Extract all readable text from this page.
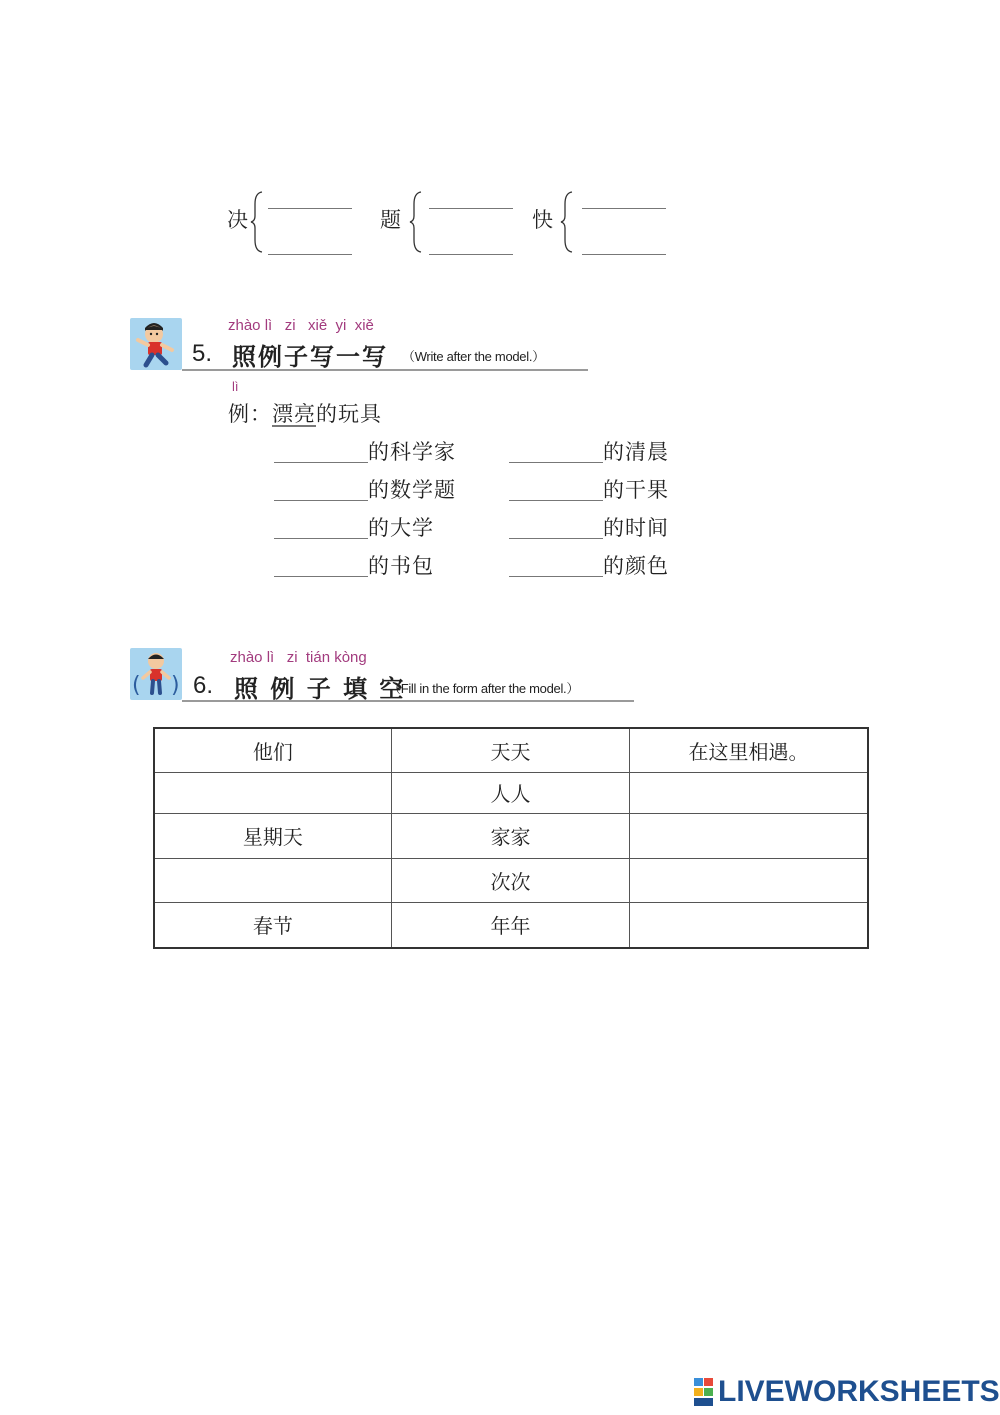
决	题	快
zhào lì   zi   xiě  yi  xiě
5. 照例子写一写 （Write after the model.）
lì
例：漂亮的玩具
的科学家
的数学题
的大学
的书包
的清晨
的干果
的时间
的颜色
( )
zhào lì   zi  tián kòng
6. 照 例 子 填 空
（Fill in the form after the model.）
他们	天天	在这里相遇。
	人人	
星期天	家家	
	次次	
春节	年年	
LIVEWORKSHEETS
